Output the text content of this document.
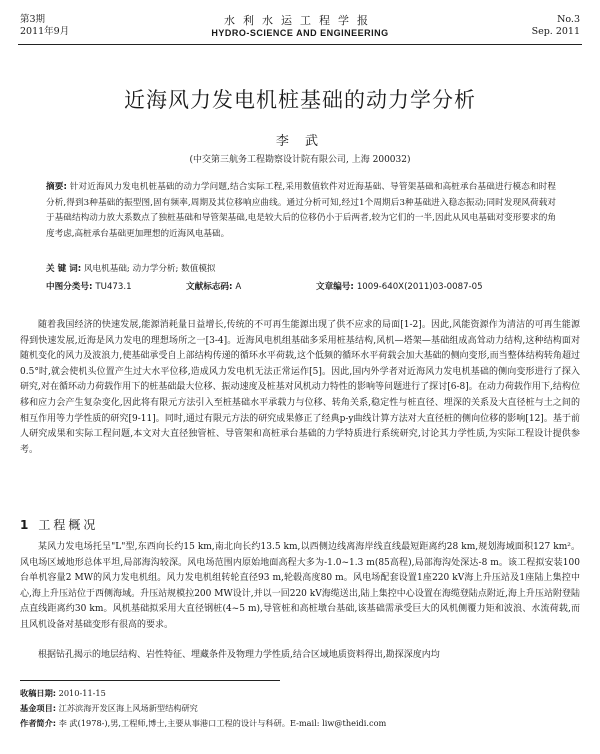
第3期
2011年9月
水利水运工程学报
HYDRO-SCIENCE AND ENGINEERING
No.3
Sep. 2011
近海风力发电机桩基础的动力学分析
李 武
(中交第三航务工程勘察设计院有限公司, 上海 200032)
摘要: 针对近海风力发电机桩基础的动力学问题,结合实际工程,采用数值软件对近海基础、导管架基础和高桩承台基础进行模态和时程分析,得到3种基础的振型图,固有频率,周期及其位移响应曲线。通过分析可知,经过1个周期后3种基础进入稳态振动;同时发现风荷载对于基础结构动力放大系数点了独桩基础和导管架基础,电是较大后的位移仍小于后两者,较为它们的一半,因此从风电基础对变形要求的角度考虑,高桩承台基础更加理想的近海风电基础。
关 键 词: 风电机基础; 动力学分析; 数值模拟
中图分类号: TU473.1	文献标志码: A	文章编号: 1009-640X(2011)03-0087-05

随着我国经济的快速发展,能源消耗量日益增长,传统的不可再生能源出现了供不应求的局面[1-2]。因此,风能资源作为清洁的可再生能源得到快速发展,近海是风力发电的理想场所之一[3-4]。近海风电机组基础多采用桩基结构,风机—塔架—基础组成高耸动力结构,这种结构面对随机变化的风力及波浪力,使基础承受自上部结构传递的循环水平荷载,这个低频的循环水平荷载会加大基础的侧向变形,而当整体结构转角超过0.5°时,就会使机头位置产生过大水平位移,造成风力发电机无法正常运作[5]。因此,国内外学者对近海风力发电机基础的侧向变形进行了探入研究,对在循环动力荷载作用下的桩基础最大位移、振动速度及桩基对风机动力特性的影响等问题进行了探讨[6-8]。在动力荷载作用下,结构位移和应力会产生复杂变化,因此将有限元方法引入至桩基础水平承载力与位移、转角关系,稳定性与桩直径、埋深的关系及大直径桩与土之间的相互作用等力学性质的研究[9-11]。同时,通过有限元方法的研究成果修正了经典p-y曲线计算方法对大直径桩的侧向位移的影响[12]。基于前人研究成果和实际工程问题,本文对大直径独管桩、导管架和高桩承台基础的力学特质进行系统研究,讨论其力学性质,为实际工程设计提供参考。

1 工程概况

某风力发电场托呈"L"型,东西向长约15 km,南北向长约13.5 km,以西侧边线离海岸线直线最短距离约28 km,规划海域面积127 km²。风电场区域地形总体平坦,局部海沟较深。风电场范围内原始地面高程大多为-1.0~1.3 m(85高程),局部海沟处深达-8 m。该工程拟安装100台单机容量2 MW的风力发电机组。风力发电机组转轮直径93 m,轮毂高度80 m。风电场配套设置1座220 kV海上升压站及1座陆上集控中心,海上升压站位于西侧海域。升压站规模拉200 MW设计,并以一回220 kV海缆送出,陆上集控中心设置在海缆登陆点附近,海上升压站附登陆点直线距离约30 km。风机基础拟采用大直径钢桩(4~5 m),导管桩和高桩墩台基础,该基础需承受巨大的风机侧覆力矩和波浪、水流荷载,而且风机设备对基础变形有很高的要求。

根据钻孔揭示的地层结构、岩性特征、埋藏条件及物理力学性质,结合区域地质资料得出,勘探深度内均

收稿日期: 2010-11-15
基金项目: 江苏滨海开发区海上风场新型结构研究
作者简介: 李 武(1978-),男,工程师,博士,主要从事港口工程的设计与科研。E-mail: liw@theidi.com
